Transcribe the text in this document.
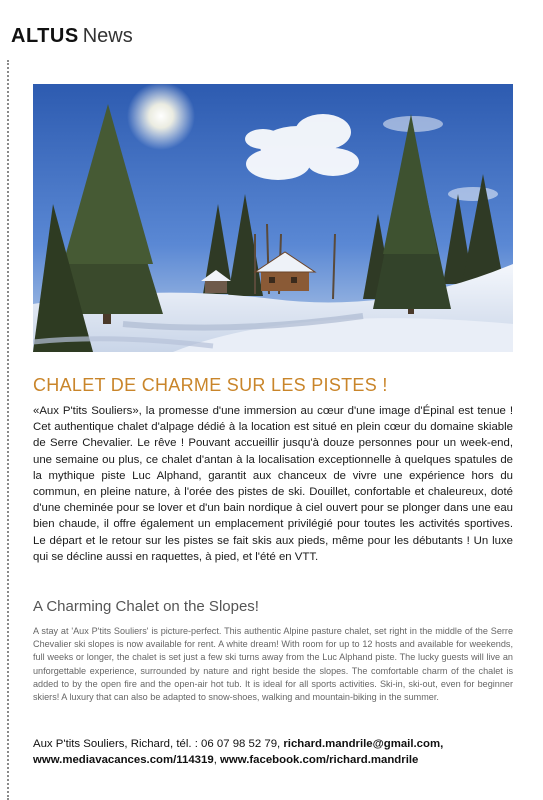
ALTUS News
CHALET DE CHARME SUR LES PISTES !
«Aux P'tits Souliers», la promesse d'une immersion au cœur d'une image d'Épinal est tenue ! Cet authentique chalet d'alpage dédié à la location est situé en plein cœur du domaine skiable de Serre Chevalier. Le rêve ! Pouvant accueillir jusqu'à douze personnes pour un week-end, une semaine ou plus, ce chalet d'antan à la localisation exceptionnelle à quelques spatules de la mythique piste Luc Alphand, garantit aux chanceux de vivre une expérience hors du commun, en pleine nature, à l'orée des pistes de ski. Douillet, confortable et chaleureux, doté d'une cheminée pour se lover et d'un bain nordique à ciel ouvert pour se plonger dans une eau bien chaude, il offre également un emplacement privilégié pour toutes les activités sportives. Le départ et le retour sur les pistes se fait skis aux pieds, même pour les débutants ! Un luxe qui se décline aussi en raquettes, à pied, et l'été en VTT.
A Charming Chalet on the Slopes!
A stay at 'Aux P'tits Souliers' is picture-perfect. This authentic Alpine pasture chalet, set right in the middle of the Serre Chevalier ski slopes is now available for rent. A white dream! With room for up to 12 hosts and available for weekends, full weeks or longer, the chalet is set just a few ski turns away from the Luc Alphand piste. The lucky guests will live an unforgettable experience, surrounded by nature and right beside the slopes. The comfortable charm of the chalet is added to by the open fire and the open-air hot tub. It is ideal for all sports activities. Ski-in, ski-out, even for beginner skiers! A luxury that can also be adapted to snow-shoes, walking and mountain-biking in the summer.
Aux P'tits Souliers, Richard, tél. : 06 07 98 52 79, richard.mandrile@gmail.com,
www.mediavacances.com/114319, www.facebook.com/richard.mandrile
